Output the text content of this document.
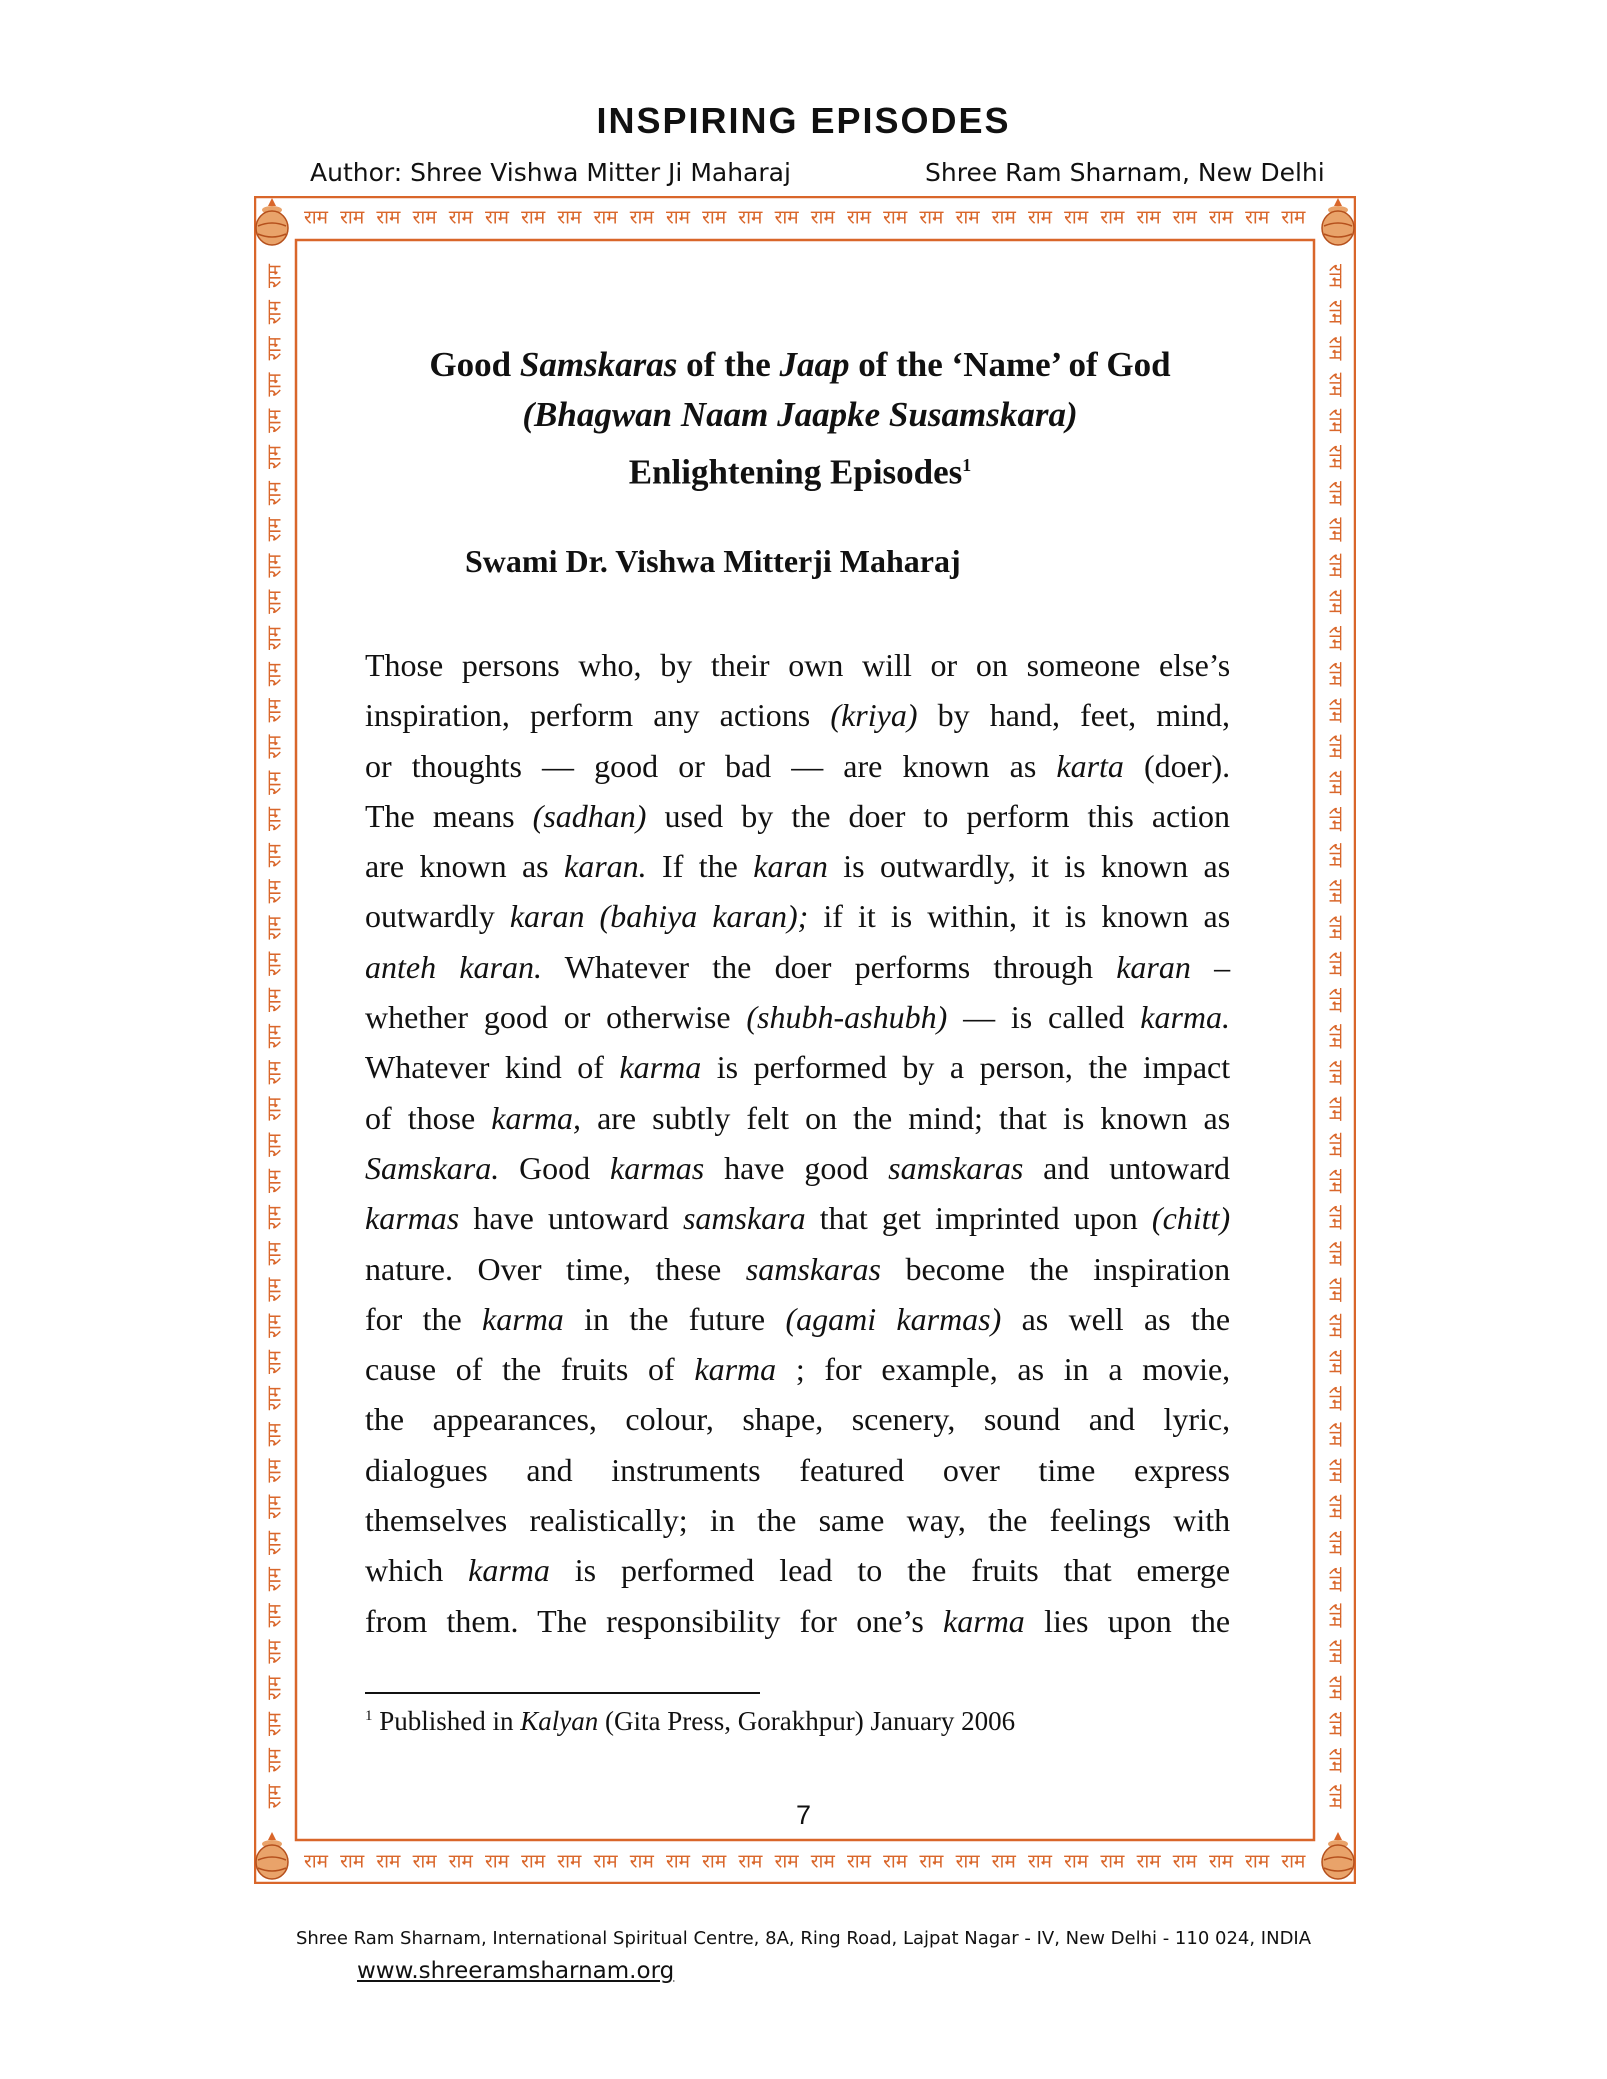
INSPIRING EPISODES
Author: Shree Vishwa Mitter Ji Maharaj	Shree Ram Sharnam, New Delhi
राम
राम
राम
राम
राम
राम
राम
राम
राम
राम
राम
राम
राम
राम
राम
राम
राम
राम
राम
राम
राम
राम
राम
राम
राम
राम
राम
राम
राम
राम
राम
राम
राम
राम
राम
राम
राम
राम
राम
राम
राम
राम
राम
राम
राम
राम
राम
राम
राम
राम
राम
राम
राम
राम
राम
राम
राम	राम
राम	राम
राम	राम
राम	राम
राम	राम
राम	राम
राम	राम
राम	राम
राम	राम
राम	राम
राम	राम
राम	राम
राम	राम
राम	राम
राम	राम
राम	राम
राम	राम
राम	राम
राम	राम
राम	राम
राम	राम
राम	राम
राम	राम
राम	राम
राम	राम
राम	राम
राम	राम
राम	राम
राम	राम
राम	राम
राम	राम
राम	राम
राम	राम
राम	राम
राम	राम
राम	राम
राम	राम
राम	राम
राम	राम
राम	राम
राम	राम
राम	राम
राम	राम
Good Samskaras of the Jaap of the ‘Name’ of God
(Bhagwan Naam Jaapke Susamskara)
Enlightening Episodes$^1$
Swami Dr. Vishwa Mitterji Maharaj
Those persons who, by their own will or on someone else’s
inspiration, perform any actions (kriya) by hand, feet, mind,
or thoughts — good or bad — are known as karta (doer).
The means (sadhan) used by the doer to perform this action
are known as karan. If the karan is outwardly, it is known as
outwardly karan (bahiya karan); if it is within, it is known as
anteh karan. Whatever the doer performs through karan –
whether good or otherwise (shubh-ashubh) — is called karma.
Whatever kind of karma is performed by a person, the impact
of those karma, are subtly felt on the mind; that is known as
Samskara. Good karmas have good samskaras and untoward
karmas have untoward samskara that get imprinted upon (chitt)
nature. Over time, these samskaras become the inspiration
for the karma in the future (agami karmas) as well as the
cause of the fruits of karma ; for example, as in a movie,
the appearances, colour, shape, scenery, sound and lyric,
dialogues and instruments featured over time express
themselves realistically; in the same way, the feelings with
which karma is performed lead to the fruits that emerge
from them. The responsibility for one’s karma lies upon the
$^1$ Published in Kalyan (Gita Press, Gorakhpur) January 2006
7
Shree Ram Sharnam, International Spiritual Centre, 8A, Ring Road, Lajpat Nagar - IV, New Delhi - 110 024, INDIA
www.shreeramsharnam.org
